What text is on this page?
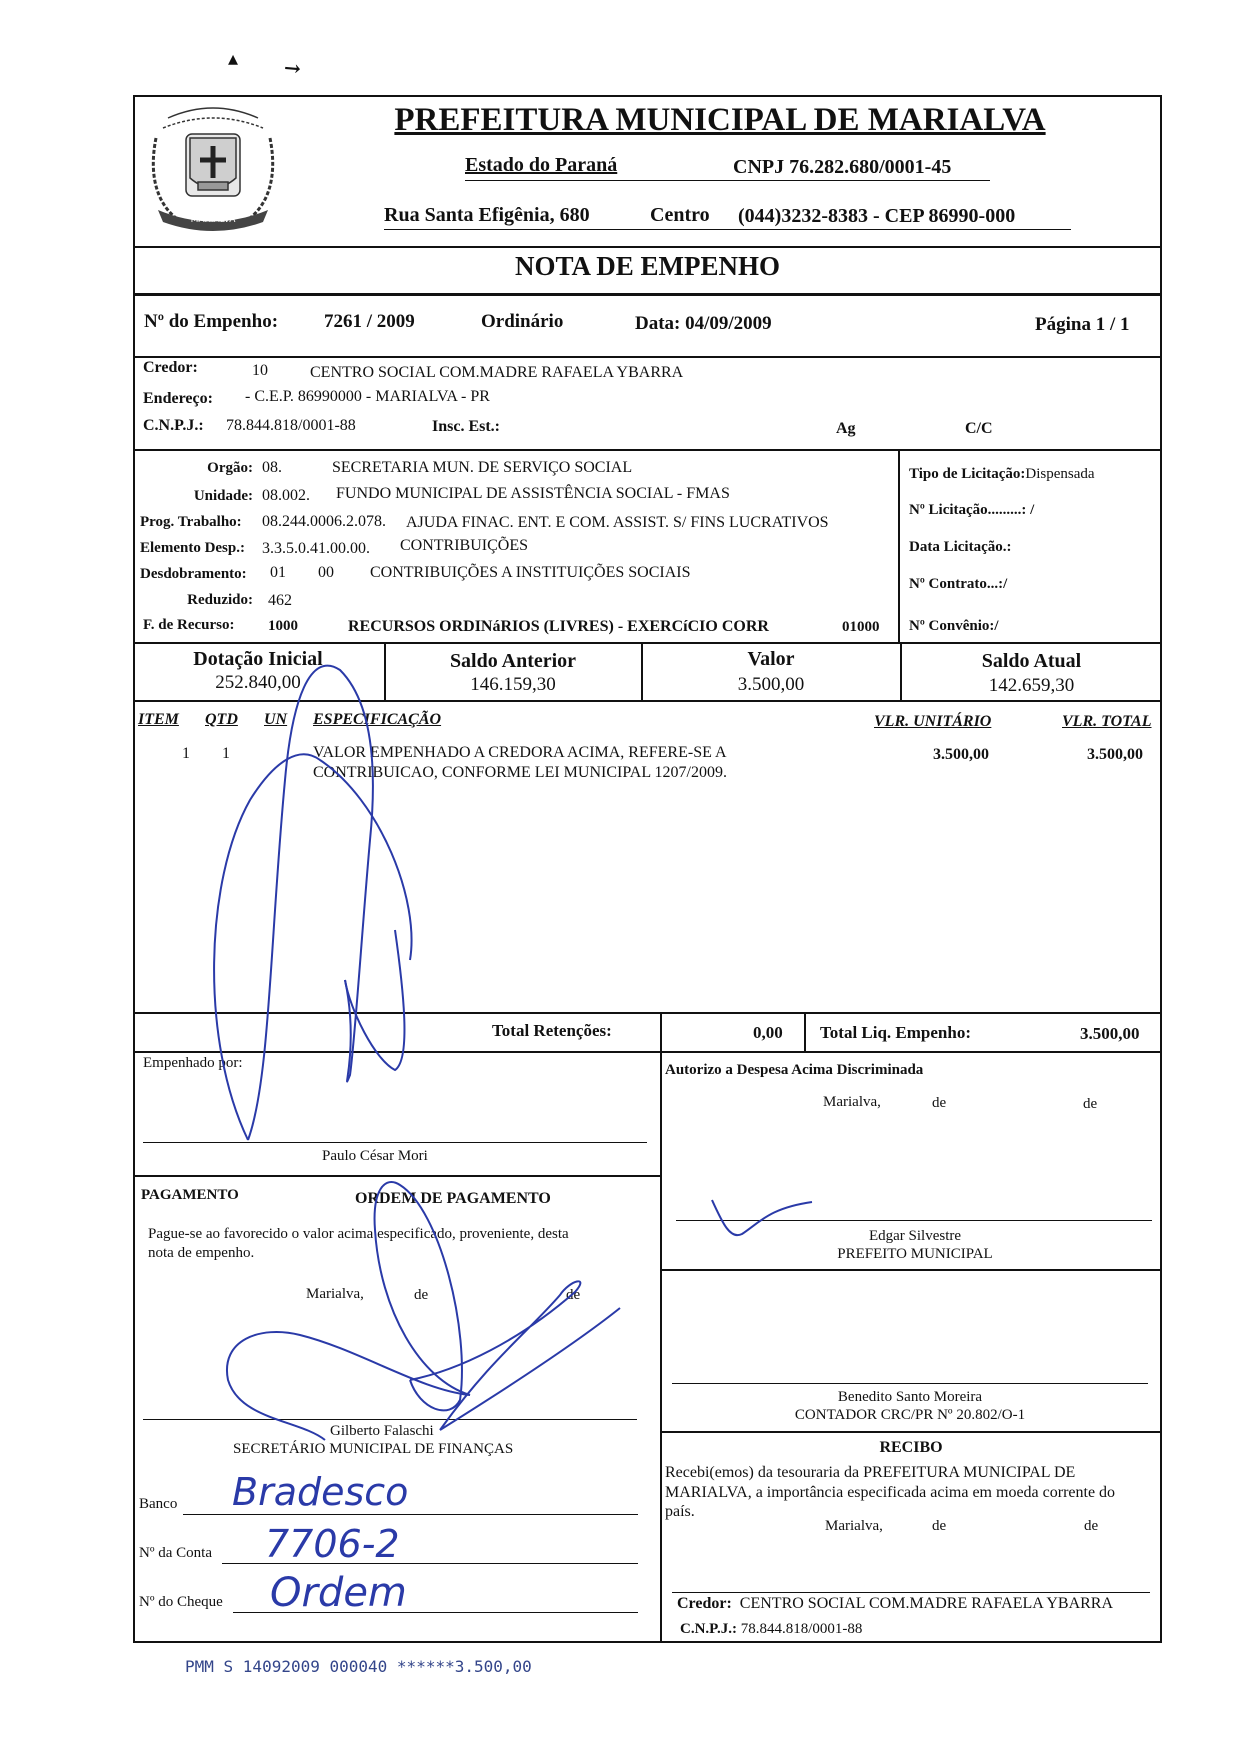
▴ ↘
MARIALVA
PREFEITURA MUNICIPAL DE MARIALVA
Estado do Paraná	CNPJ 76.282.680/0001-45
Rua Santa Efigênia, 680	Centro (044)3232-8383 - CEP 86990-000
NOTA DE EMPENHO
Nº do Empenho: 7261 / 2009	Ordinário	Data: 04/09/2009	Página 1 / 1
Credor:	10	CENTRO SOCIAL COM.MADRE RAFAELA YBARRA
Endereço: - C.E.P. 86990000 - MARIALVA - PR
C.N.P.J.: 78.844.818/0001-88	Insc. Est.:	Ag	C/C
Orgão: 08.	SECRETARIA MUN. DE SERVIÇO SOCIAL
Unidade: 08.002. FUNDO MUNICIPAL DE ASSISTÊNCIA SOCIAL - FMAS
Prog. Trabalho: 08.244.0006.2.078. AJUDA FINAC. ENT. E COM. ASSIST. S/ FINS LUCRATIVOS
Elemento Desp.: 3.3.5.0.41.00.00. CONTRIBUIÇÕES
Desdobramento: 01 00 CONTRIBUIÇÕES A INSTITUIÇÕES SOCIAIS
Reduzido: 462
F. de Recurso: 1000	RECURSOS ORDINáRIOS (LIVRES) - EXERCíCIO CORR	01000
Tipo de Licitação:Dispensada
Nº Licitação.........: /
Data Licitação.:
Nº Contrato...:/
Nº Convênio:/
Dotação Inicial
252.840,00
Saldo Anterior
146.159,30
Valor
3.500,00
Saldo Atual
142.659,30
ITEM QTD UN ESPECIFICAÇÃO	VLR. UNITÁRIO	VLR. TOTAL
1 1	VALOR EMPENHADO A CREDORA ACIMA, REFERE-SE A
CONTRIBUICAO, CONFORME LEI MUNICIPAL 1207/2009.
3.500,00	3.500,00
Total Retenções:	0,00 Total Liq. Empenho:	3.500,00
Empenhado por:
Paulo César Mori
Autorizo a Despesa Acima Discriminada
Marialva,	de	de
Edgar Silvestre
PREFEITO MUNICIPAL
PAGAMENTO	ORDEM DE PAGAMENTO
Pague-se ao favorecido o valor acima especificado, proveniente, desta
nota de empenho.
Marialva,	de	de
Gilberto Falaschi
SECRETÁRIO MUNICIPAL DE FINANÇAS
Banco Bradesco
Nº da Conta 7706-2
Nº do Cheque Ordem
Benedito Santo Moreira
CONTADOR CRC/PR Nº 20.802/O-1
RECIBO
Recebi(emos) da tesouraria da PREFEITURA MUNICIPAL DE
MARIALVA, a importância especificada acima em moeda corrente do
país.
Marialva,	de	de
Credor: CENTRO SOCIAL COM.MADRE RAFAELA YBARRA
C.N.P.J.: 78.844.818/0001-88
PMM S 14092009 000040 ******3.500,00
